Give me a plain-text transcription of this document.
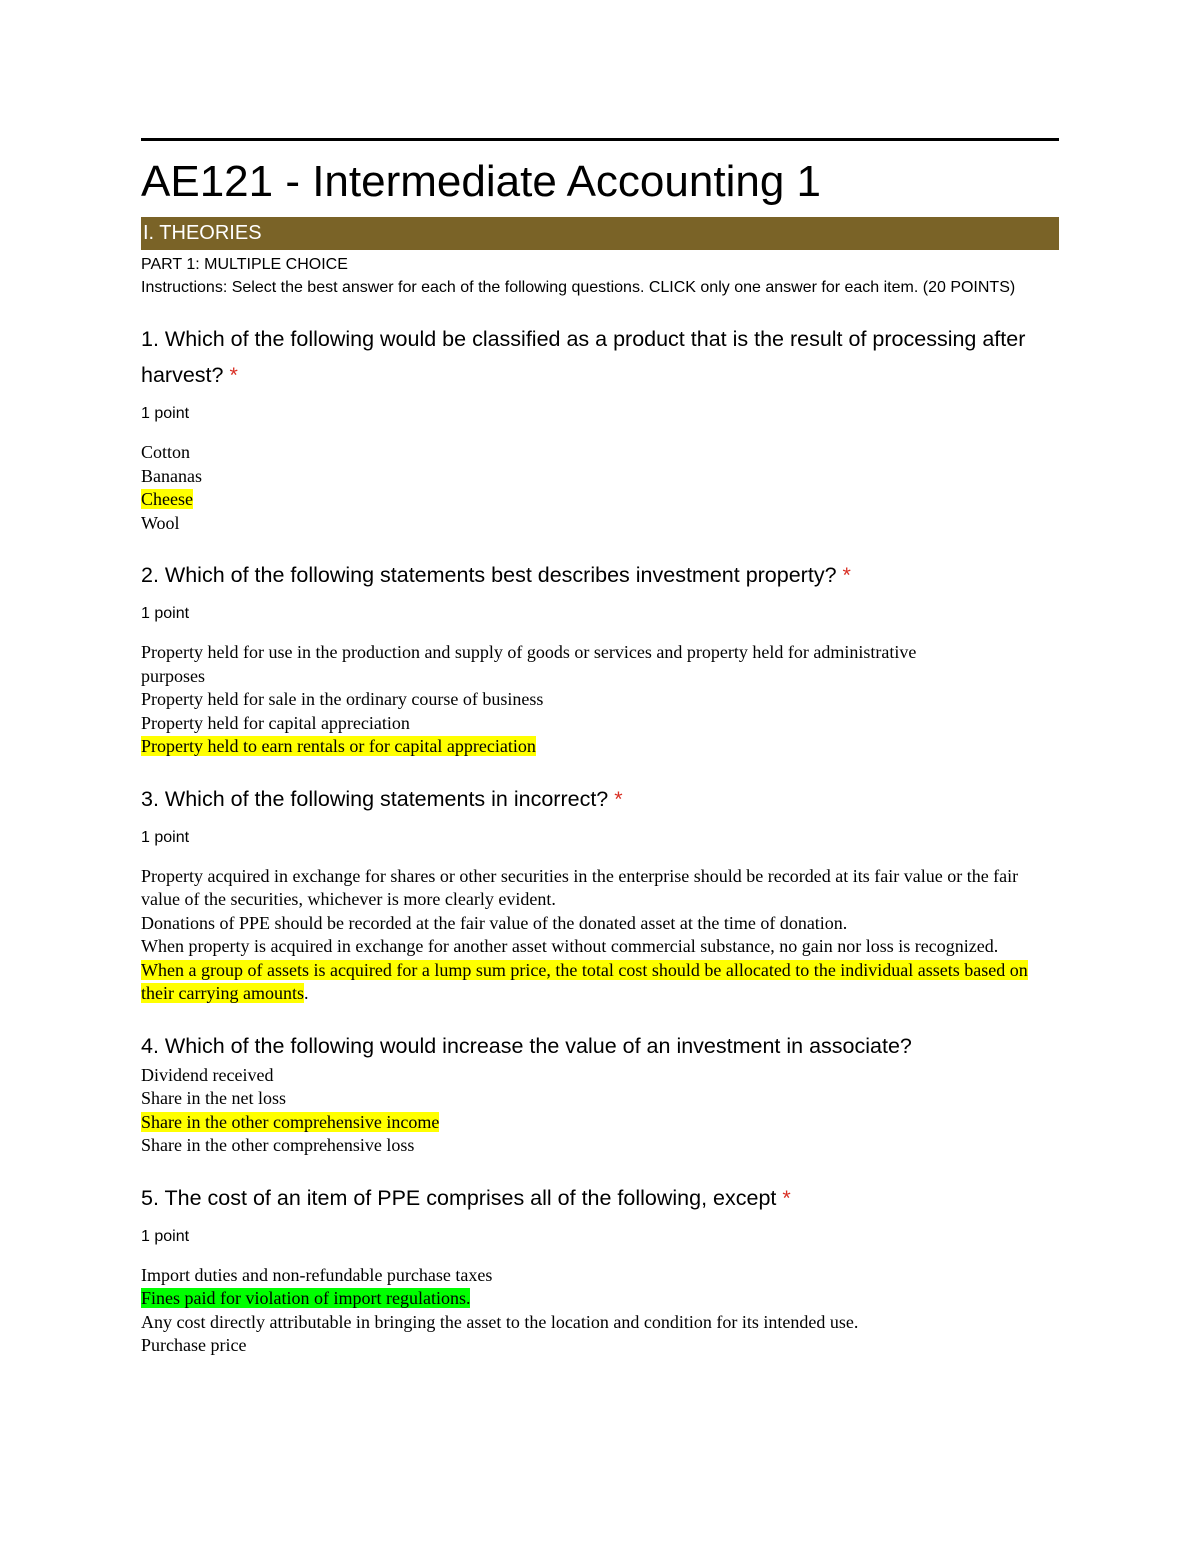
AE121 - Intermediate Accounting 1
I. THEORIES
PART 1: MULTIPLE CHOICE
Instructions: Select the best answer for each of the following questions. CLICK only one answer for each item. (20 POINTS)
1. Which of the following would be classified as a product that is the result of processing after harvest? *
1 point
Cotton
Bananas
Cheese
Wool
2. Which of the following statements best describes investment property? *
1 point
Property held for use in the production and supply of goods or services and property held for administrative purposes
Property held for sale in the ordinary course of business
Property held for capital appreciation
Property held to earn rentals or for capital appreciation
3. Which of the following statements in incorrect? *
1 point
Property acquired in exchange for shares or other securities in the enterprise should be recorded at its fair value or the fair value of the securities, whichever is more clearly evident.
Donations of PPE should be recorded at the fair value of the donated asset at the time of donation.
When property is acquired in exchange for another asset without commercial substance, no gain nor loss is recognized.
When a group of assets is acquired for a lump sum price, the total cost should be allocated to the individual assets based on their carrying amounts.
4. Which of the following would increase the value of an investment in associate?
Dividend received
Share in the net loss
Share in the other comprehensive income
Share in the other comprehensive loss
5. The cost of an item of PPE comprises all of the following, except *
1 point
Import duties and non-refundable purchase taxes
Fines paid for violation of import regulations.
Any cost directly attributable in bringing the asset to the location and condition for its intended use.
Purchase price
